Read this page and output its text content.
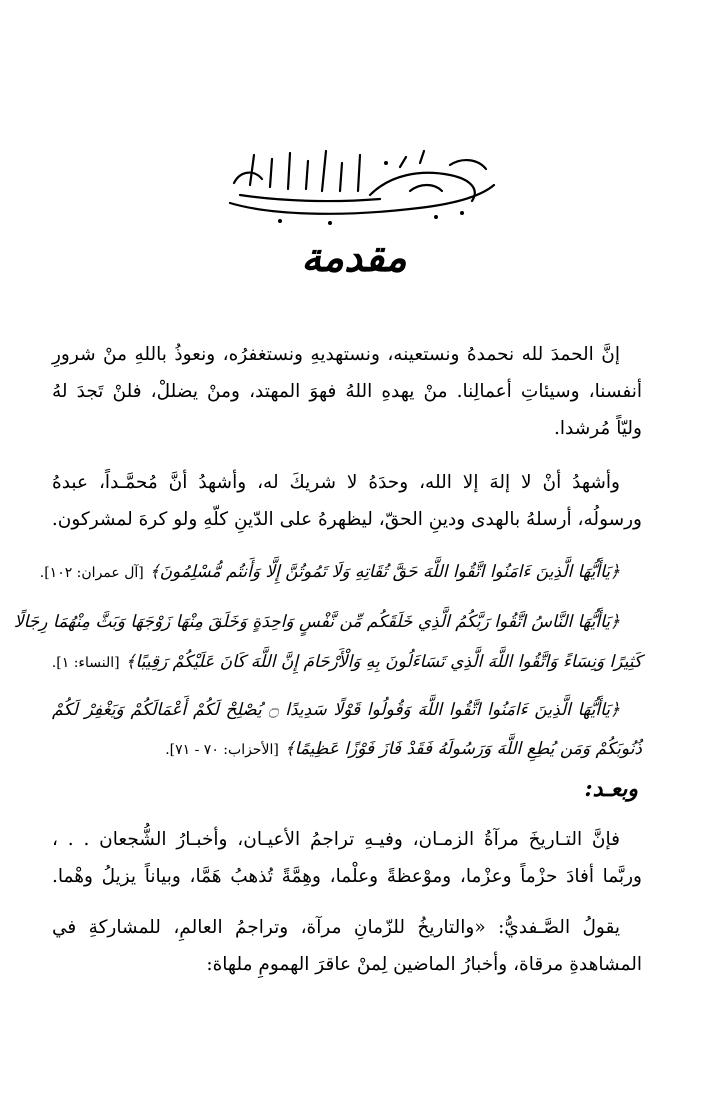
مقدمة
إنَّ الحمدَ لله نحمدهُ ونستعينه، ونستهديهِ ونستغفرُه، ونعوذُ باللهِ منْ شرورِ
أنفسنا، وسيئاتِ أعمالِنا. منْ يهدهِ اللهُ فهوَ المهتد، ومنْ يضللْ، فلنْ تَجدَ لهُ
وليّاً مُرشدا.
وأشهدُ أنْ لا إلهَ إلا الله، وحدَهُ لا شريكَ له، وأشهدُ أنَّ مُحمَّـداً، عبدهُ
ورسولُه، أرسلهُ بالهدى ودينِ الحقّ، ليظهرهُ على الدّينِ كلّهِ ولو كرهَ لمشركون.
﴿يَاأَيُّهَا الَّذِينَ ءَامَنُوا اتَّقُوا اللَّهَ حَقَّ تُقَاتِهِ وَلَا تَمُوتُنَّ إِلَّا وَأَنتُم مُّسْلِمُونَ﴾ [آل عمران: ١٠٢].
﴿يَاأَيُّهَا النَّاسُ اتَّقُوا رَبَّكُمُ الَّذِي خَلَقَكُم مِّن نَّفْسٍ وَاحِدَةٍ وَخَلَقَ مِنْهَا زَوْجَهَا وَبَثَّ مِنْهُمَا رِجَالًا
كَثِيرًا وَنِسَاءً وَاتَّقُوا اللَّهَ الَّذِي تَسَاءَلُونَ بِهِ وَالْأَرْحَامَ إِنَّ اللَّهَ كَانَ عَلَيْكُمْ رَقِيبًا﴾ [النساء: ١].
﴿يَاأَيُّهَا الَّذِينَ ءَامَنُوا اتَّقُوا اللَّهَ وَقُولُوا قَوْلًا سَدِيدًا ۝ يُصْلِحْ لَكُمْ أَعْمَالَكُمْ وَيَغْفِرْ لَكُمْ
ذُنُوبَكُمْ وَمَن يُطِعِ اللَّهَ وَرَسُولَهُ فَقَدْ فَازَ فَوْزًا عَظِيمًا﴾ [الأحزاب: ٧٠ - ٧١].
وبعـد:
فإنَّ التـاريخَ مرآةُ الزمـان، وفيـهِ تراجمُ الأعيـان، وأخبـارُ الشُّجعان . . ،
وربَّما أفادَ حزْماً وعزْما، وموْعظةً وعلْما، وهِمَّةً تُذهبُ هَمَّا، وبياناً يزيلُ وهْما.
يقولُ الصَّـفديُّ: «والتاريخُ للزّمانِ مرآة، وتراجمُ العالمِ، للمشاركةِ في
المشاهدةِ مرقاة، وأخبارُ الماضين لِمنْ عاقرَ الهمومِ ملهاة:
